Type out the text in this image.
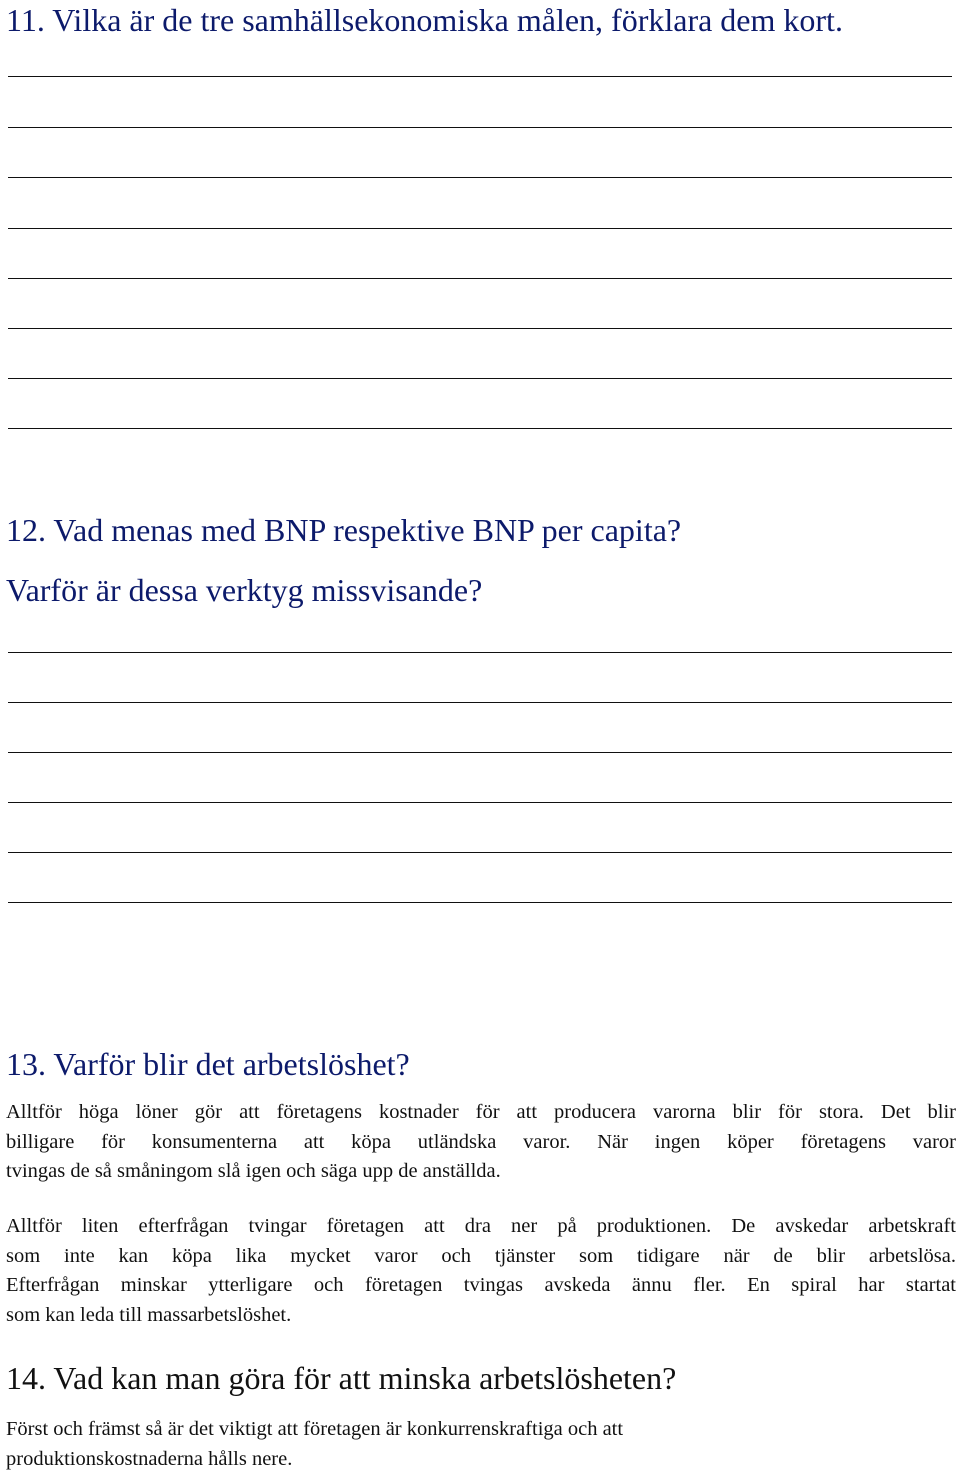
11. Vilka är de tre samhällsekonomiska målen, förklara dem kort.
12. Vad menas med BNP respektive BNP per capita?
Varför är dessa verktyg missvisande?
13. Varför blir det arbetslöshet?
Alltför höga löner gör att företagens kostnader för att producera varorna blir för stora. Det blir
billigare för konsumenterna att köpa utländska varor. När ingen köper företagens varor
tvingas de så småningom slå igen och säga upp de anställda.
Alltför liten efterfrågan tvingar företagen att dra ner på produktionen. De avskedar arbetskraft
som inte kan köpa lika mycket varor och tjänster som tidigare när de blir arbetslösa.
Efterfrågan minskar ytterligare och företagen tvingas avskeda ännu fler. En spiral har startat
som kan leda till massarbetslöshet.
14. Vad kan man göra för att minska arbetslösheten?
Först och främst så är det viktigt att företagen är konkurrenskraftiga och att
produktionskostnaderna hålls nere.
